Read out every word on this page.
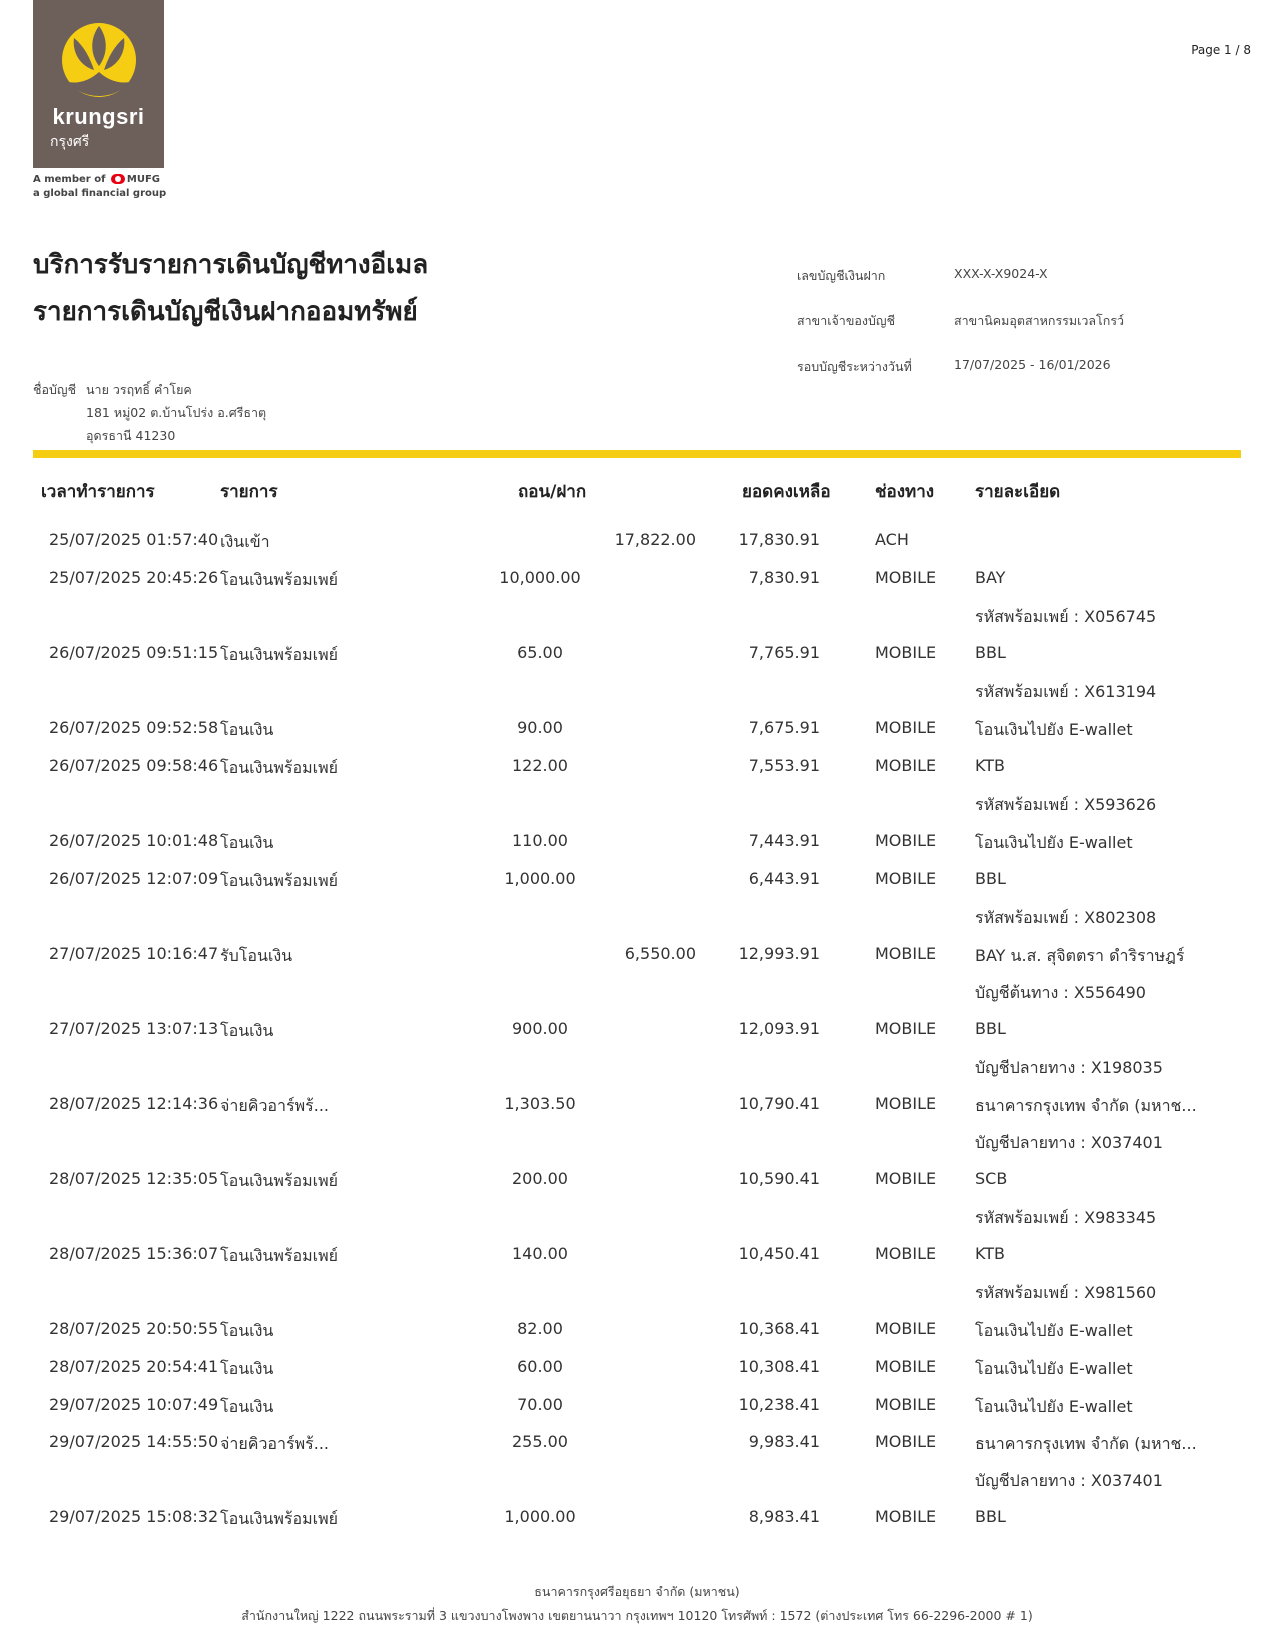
krungsri
กรุงศรี
A member of MUFG
a global financial group
Page 1 / 8
บริการรับรายการเดินบัญชีทางอีเมล
รายการเดินบัญชีเงินฝากออมทรัพย์
เลขบัญชีเงินฝาก	XXX-X-X9024-X
สาขาเจ้าของบัญชี	สาขานิคมอุตสาหกรรมเวลโกรว์
รอบบัญชีระหว่างวันที่	17/07/2025 - 16/01/2026
ชื่อบัญชี นาย วรฤทธิ์ คำโยค
181 หมู่02 ต.บ้านโปร่ง อ.ศรีธาตุ
อุดรธานี 41230
เวลาทำรายการ	รายการ	ถอน/ฝาก	ยอดคงเหลือ	ช่องทาง รายละเอียด
25/07/2025 01:57:40 เงินเข้า	17,822.00	17,830.91	ACH
25/07/2025 20:45:26 โอนเงินพร้อมเพย์	10,000.00	7,830.91	MOBILE BAY
รหัสพร้อมเพย์ : X056745
26/07/2025 09:51:15 โอนเงินพร้อมเพย์	65.00	7,765.91	MOBILE BBL
รหัสพร้อมเพย์ : X613194
26/07/2025 09:52:58 โอนเงิน	90.00	7,675.91	MOBILE โอนเงินไปยัง E-wallet
26/07/2025 09:58:46 โอนเงินพร้อมเพย์	122.00	7,553.91	MOBILE KTB
รหัสพร้อมเพย์ : X593626
26/07/2025 10:01:48 โอนเงิน	110.00	7,443.91	MOBILE โอนเงินไปยัง E-wallet
26/07/2025 12:07:09 โอนเงินพร้อมเพย์	1,000.00	6,443.91	MOBILE BBL
รหัสพร้อมเพย์ : X802308
27/07/2025 10:16:47 รับโอนเงิน	6,550.00	12,993.91	MOBILE BAY น.ส. สุจิตตรา ดำริราษฎร์
บัญชีต้นทาง : X556490
27/07/2025 13:07:13 โอนเงิน	900.00	12,093.91	MOBILE BBL
บัญชีปลายทาง : X198035
28/07/2025 12:14:36 จ่ายคิวอาร์พร้...	1,303.50	10,790.41	MOBILE ธนาคารกรุงเทพ จำกัด (มหาช...
บัญชีปลายทาง : X037401
28/07/2025 12:35:05 โอนเงินพร้อมเพย์	200.00	10,590.41	MOBILE SCB
รหัสพร้อมเพย์ : X983345
28/07/2025 15:36:07 โอนเงินพร้อมเพย์	140.00	10,450.41	MOBILE KTB
รหัสพร้อมเพย์ : X981560
28/07/2025 20:50:55 โอนเงิน	82.00	10,368.41	MOBILE โอนเงินไปยัง E-wallet
28/07/2025 20:54:41 โอนเงิน	60.00	10,308.41	MOBILE โอนเงินไปยัง E-wallet
29/07/2025 10:07:49 โอนเงิน	70.00	10,238.41	MOBILE โอนเงินไปยัง E-wallet
29/07/2025 14:55:50 จ่ายคิวอาร์พร้...	255.00	9,983.41	MOBILE ธนาคารกรุงเทพ จำกัด (มหาช...
บัญชีปลายทาง : X037401
29/07/2025 15:08:32 โอนเงินพร้อมเพย์	1,000.00	8,983.41	MOBILE BBL
ธนาคารกรุงศรีอยุธยา จำกัด (มหาชน)
สำนักงานใหญ่ 1222 ถนนพระรามที่ 3 แขวงบางโพงพาง เขตยานนาวา กรุงเทพฯ 10120 โทรศัพท์ : 1572 (ต่างประเทศ โทร 66-2296-2000 # 1)
